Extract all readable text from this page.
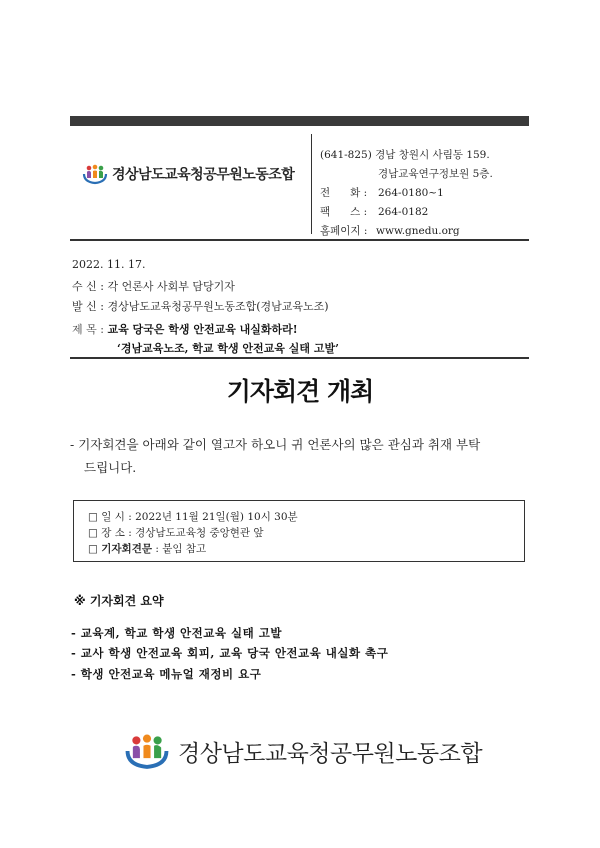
경상남도교육청공무원노동조합
(641-825) 경남 창원시 사림동 159.
경남교육연구정보원 5층.
전      화 :	264-0180~1
팩      스 :	264-0182
홈페이지 : www.gnedu.org
2022. 11. 17.
수 신 : 각 언론사 사회부 담당기자
발 신 : 경상남도교육청공무원노동조합(경남교육노조)
제 목 : 교육 당국은 학생 안전교육 내실화하라!
‘경남교육노조, 학교 학생 안전교육 실태 고발’
기자회견 개최
- 기자회견을 아래와 같이 열고자 하오니 귀 언론사의 많은 관심과 취재 부탁
드립니다.
□ 일 시 : 2022년 11월 21일(월) 10시 30분
□ 장 소 : 경상남도교육청 중앙현관 앞
□ 기자회견문 : 붙임 참고
※ 기자회견 요약
- 교육계, 학교 학생 안전교육 실태 고발
- 교사 학생 안전교육 회피, 교육 당국 안전교육 내실화 촉구
- 학생 안전교육 메뉴얼 재정비 요구
경상남도교육청공무원노동조합
